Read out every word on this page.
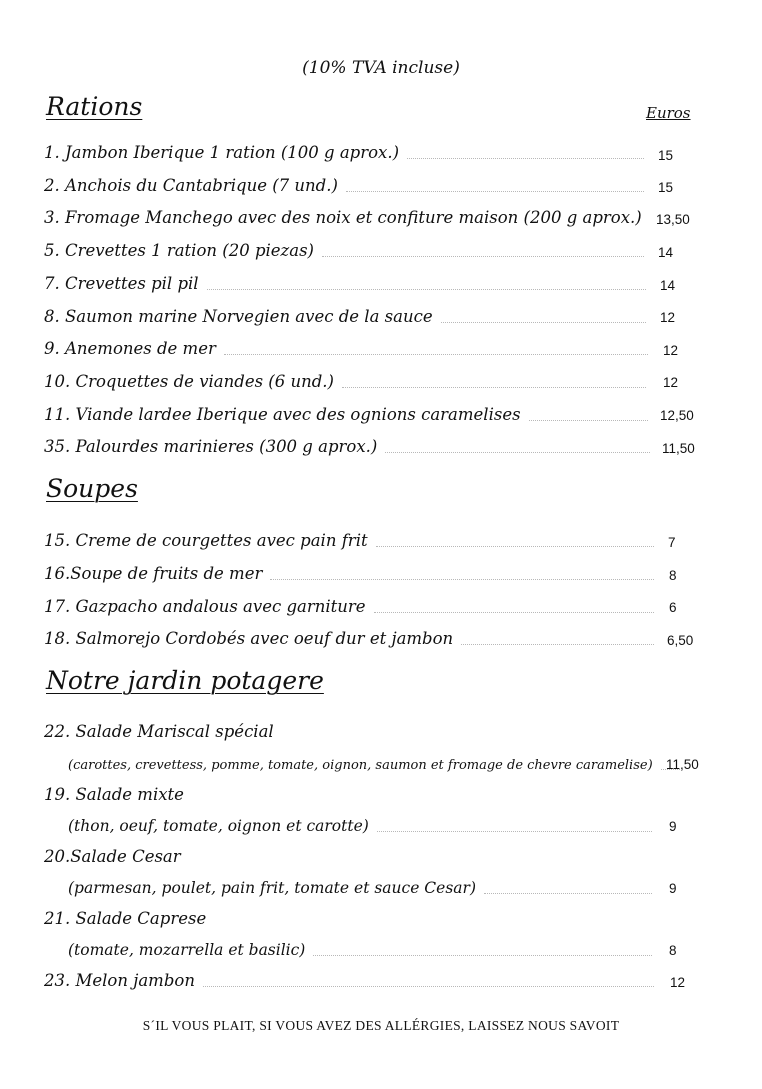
(10% TVA incluse)
Rations	Euros
1. Jambon Iberique 1 ration (100 g aprox.)	15
2. Anchois du Cantabrique (7 und.)	15
3. Fromage Manchego avec des noix et confiture maison (200 g aprox.) 13,50
5. Crevettes 1 ration (20 piezas)	14
7. Crevettes pil pil	14
8. Saumon marine Norvegien avec de la sauce	12
9. Anemones de mer	12
10. Croquettes de viandes (6 und.)	12
11. Viande lardee Iberique avec des ognions caramelises	12,50
35. Palourdes marinieres (300 g aprox.)	11,50
Soupes
15. Creme de courgettes avec pain frit	7
16.Soupe de fruits de mer	8
17. Gazpacho andalous avec garniture	6
18. Salmorejo Cordobés avec oeuf dur et jambon	6,50
Notre jardin potagere
22. Salade Mariscal spécial
(carottes, crevettess, pomme, tomate, oignon, saumon et fromage de chevre caramelise) 11,50
19. Salade mixte
(thon, oeuf, tomate, oignon et carotte)	9
20.Salade Cesar
(parmesan, poulet, pain frit, tomate et sauce Cesar)	9
21. Salade Caprese
(tomate, mozarrella et basilic)	8
23. Melon jambon	12
S´IL VOUS PLAIT, SI VOUS AVEZ DES ALLÉRGIES, LAISSEZ NOUS SAVOIT
